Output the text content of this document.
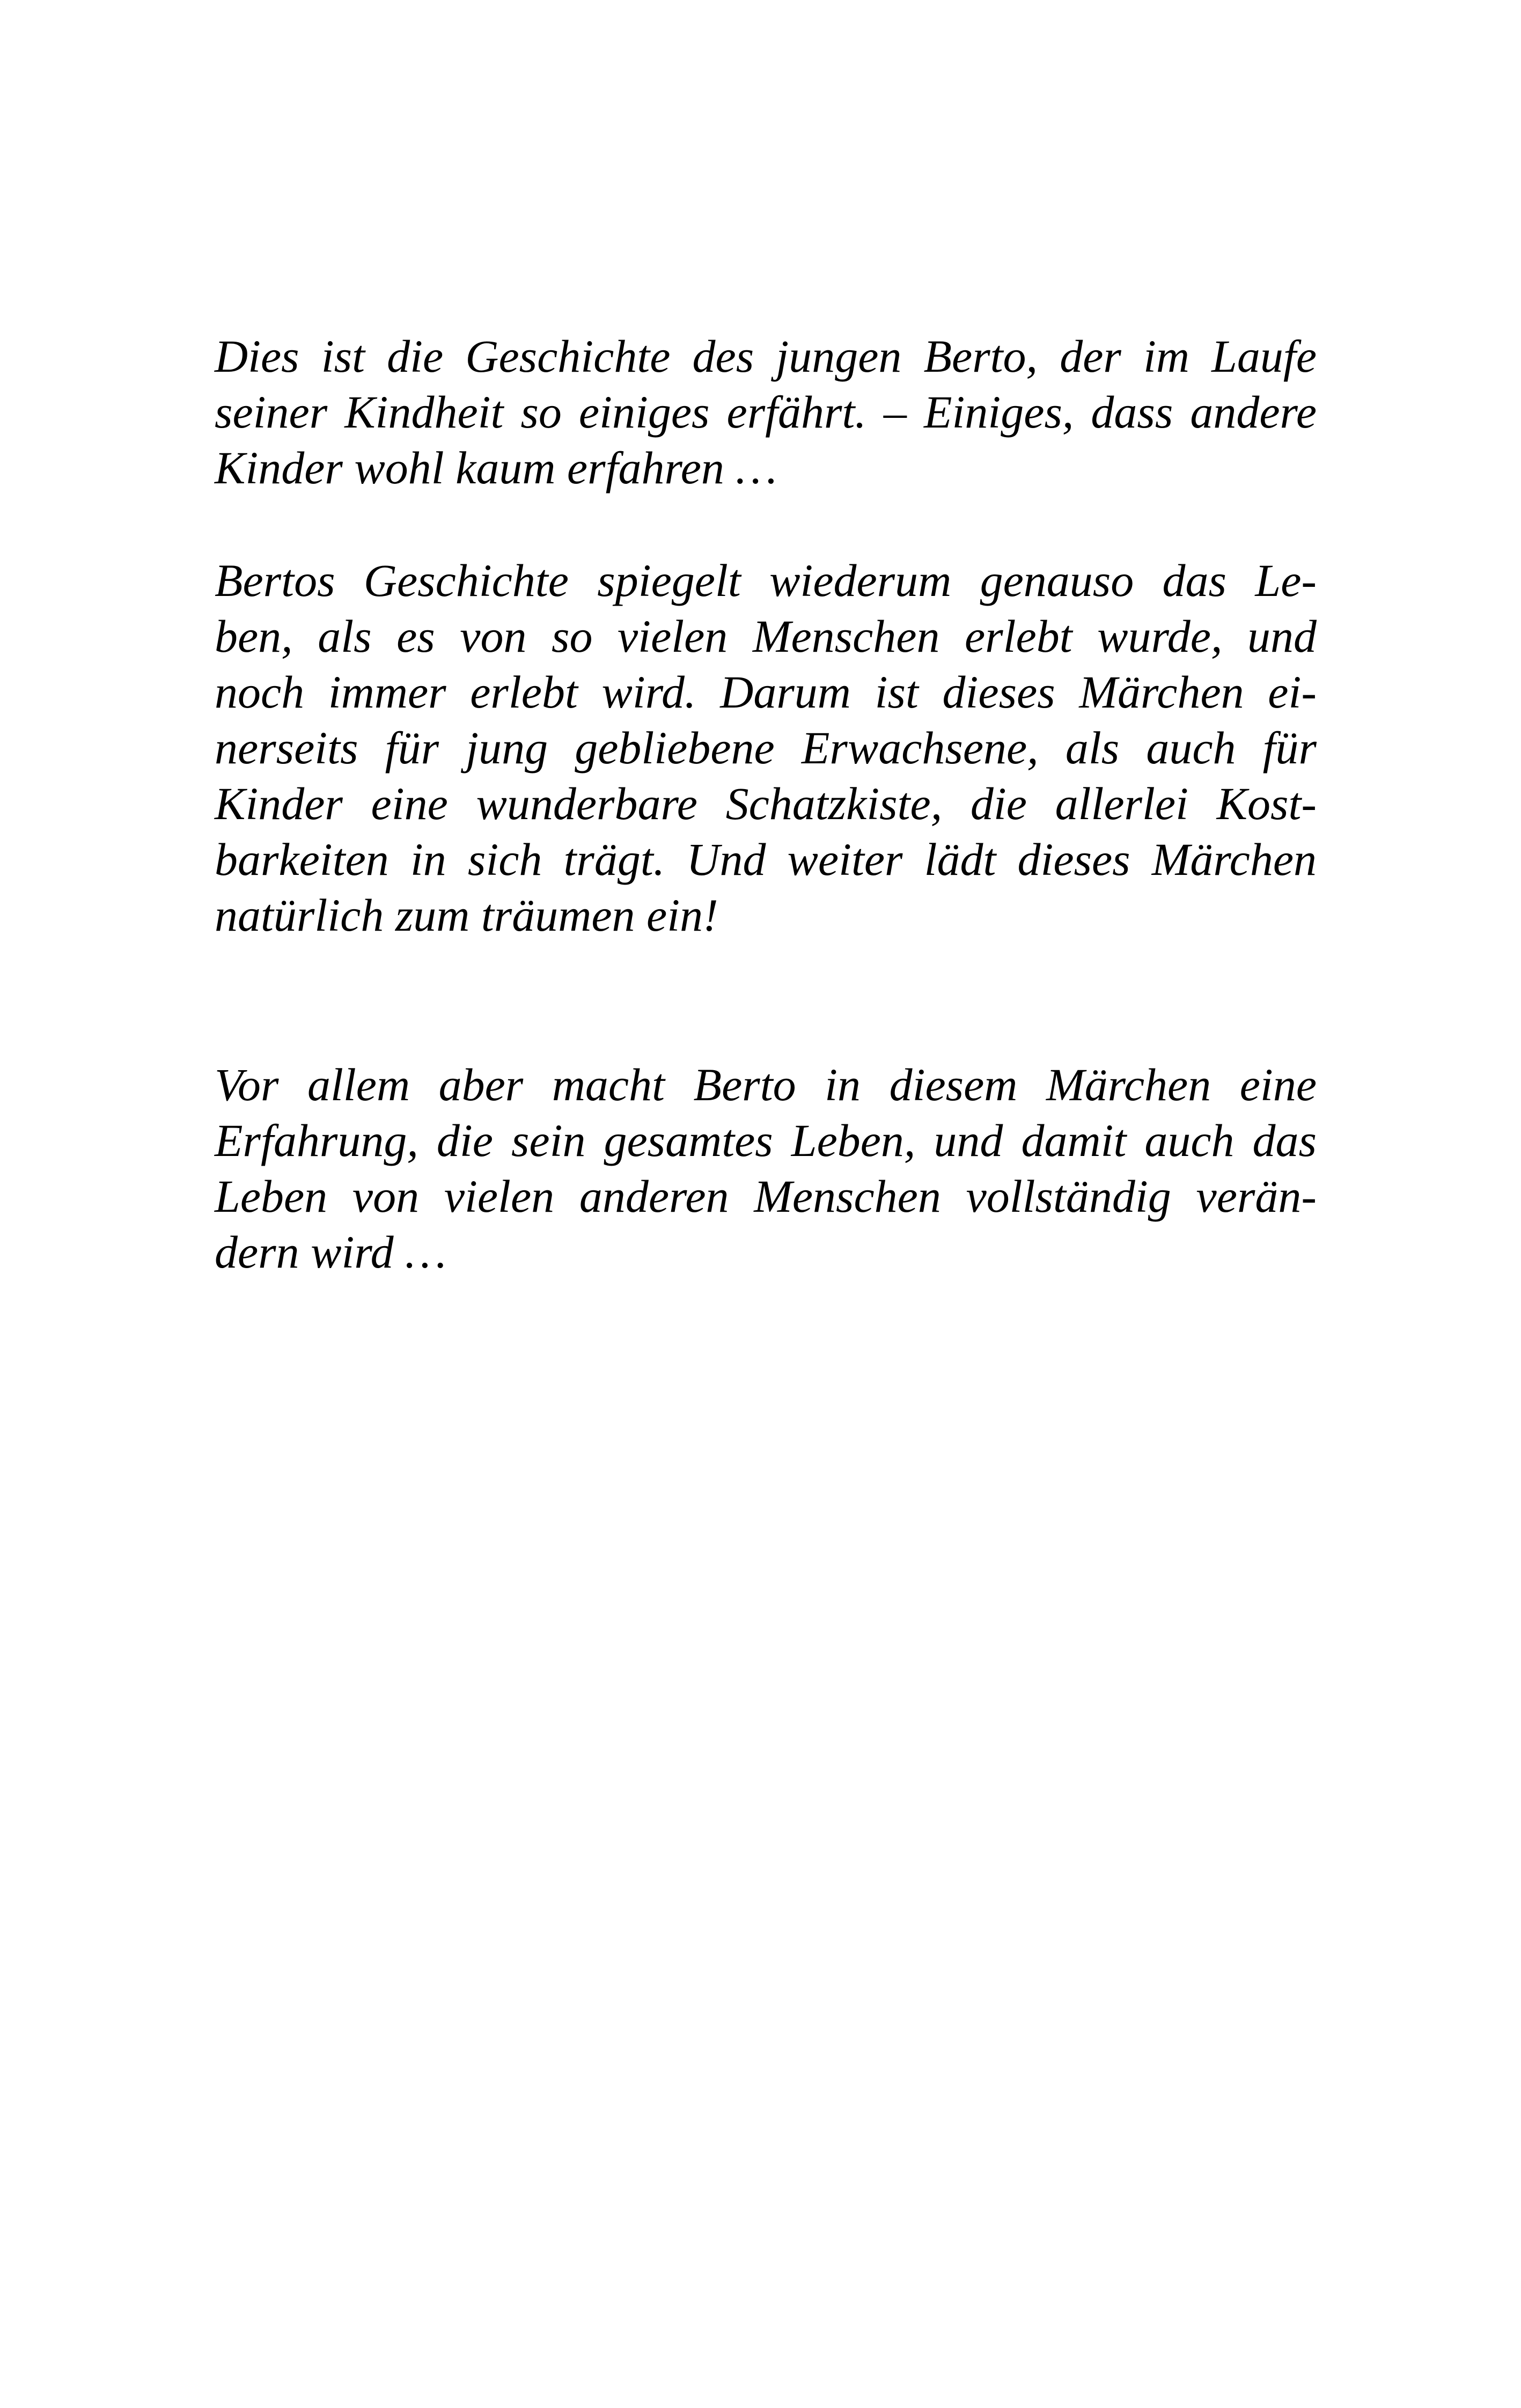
Dies ist die Geschichte des jungen Berto, der im Laufe
seiner Kindheit so einiges erfährt. – Einiges, dass andere
Kinder wohl kaum erfahren …
Bertos Geschichte spiegelt wiederum genauso das Le-
ben, als es von so vielen Menschen erlebt wurde, und
noch immer erlebt wird. Darum ist dieses Märchen ei-
nerseits für jung gebliebene Erwachsene, als auch für
Kinder eine wunderbare Schatzkiste, die allerlei Kost-
barkeiten in sich trägt. Und weiter lädt dieses Märchen
natürlich zum träumen ein!
Vor allem aber macht Berto in diesem Märchen eine
Erfahrung, die sein gesamtes Leben, und damit auch das
Leben von vielen anderen Menschen vollständig verän-
dern wird …
